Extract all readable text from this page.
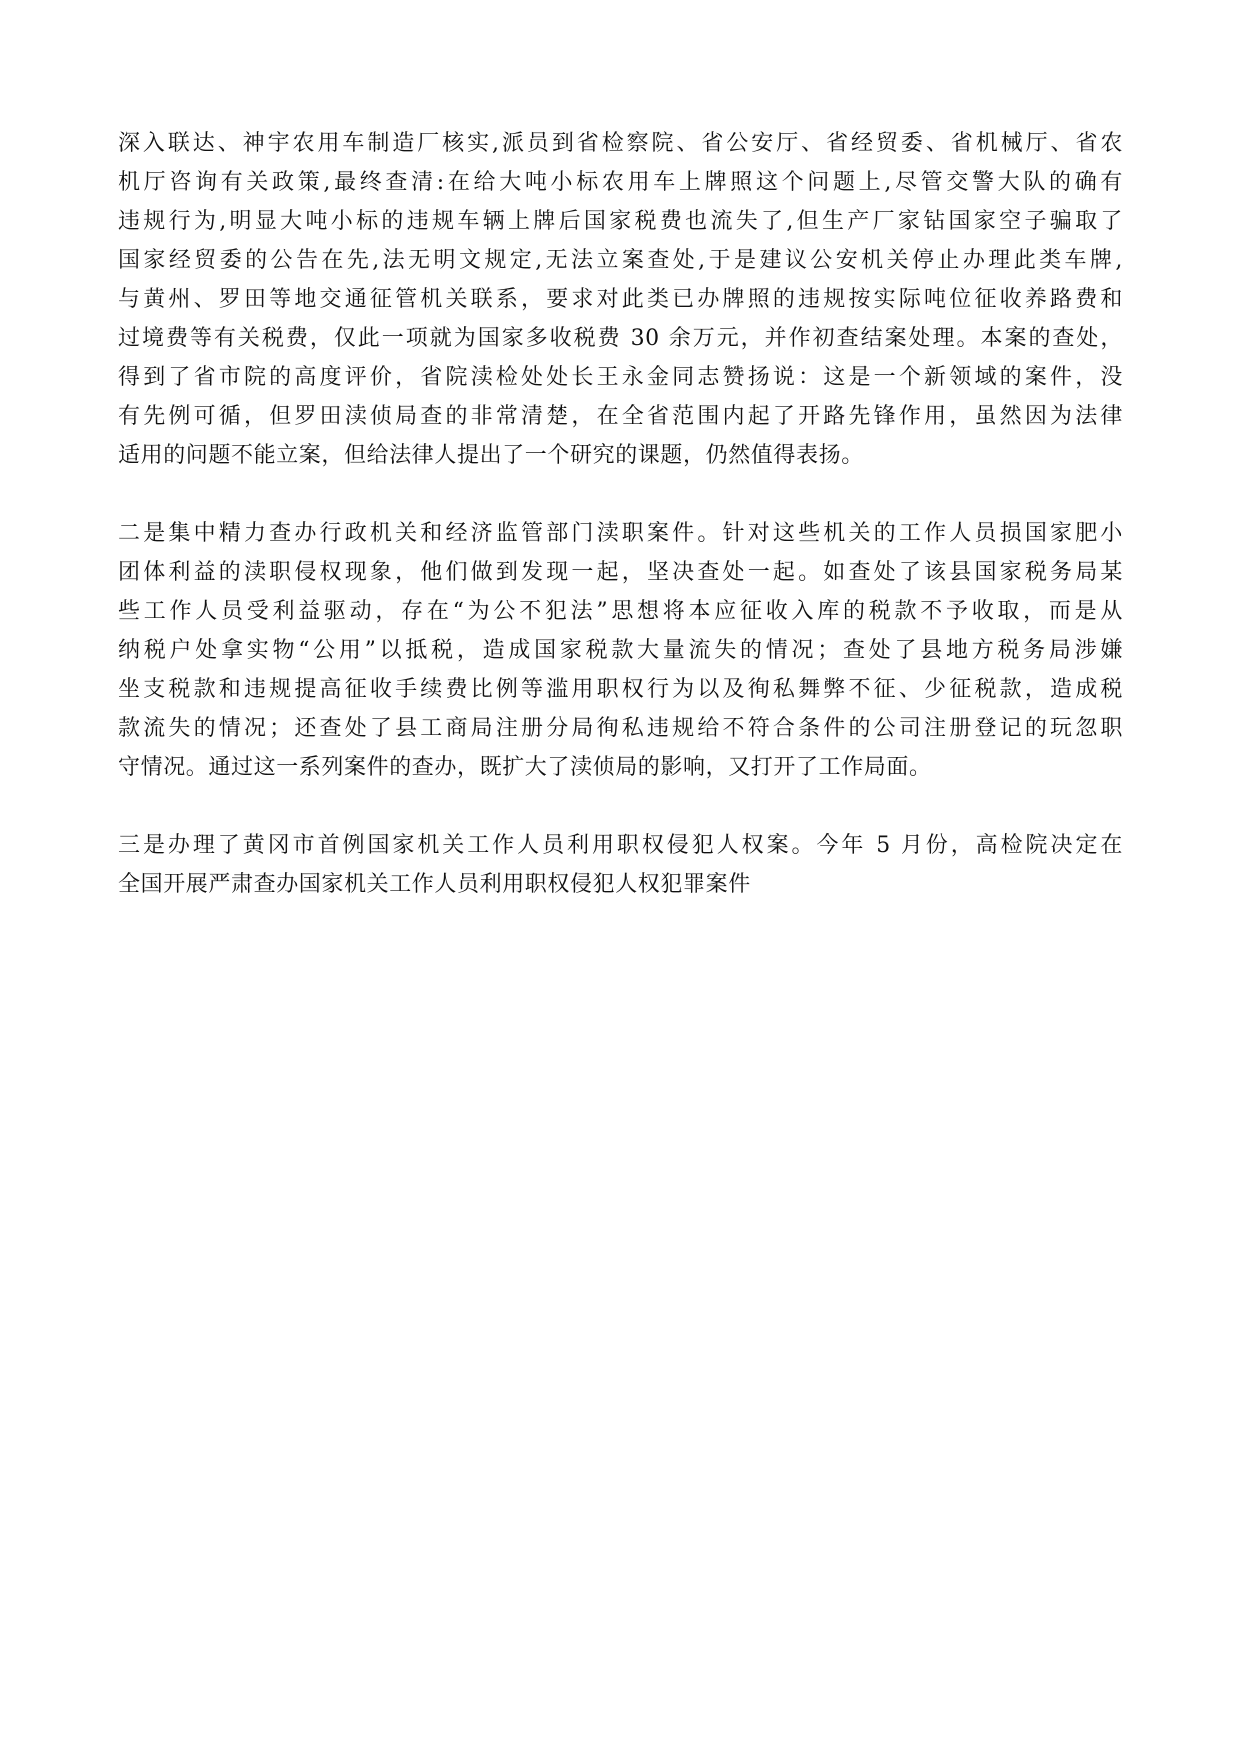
深入联达、神宇农用车制造厂核实,派员到省检察院、省公安厅、省经贸委、省机械厅、省农
机厅咨询有关政策,最终查清:在给大吨小标农用车上牌照这个问题上,尽管交警大队的确有
违规行为,明显大吨小标的违规车辆上牌后国家税费也流失了,但生产厂家钻国家空子骗取了
国家经贸委的公告在先,法无明文规定,无法立案查处,于是建议公安机关停止办理此类车牌,
与黄州、罗田等地交通征管机关联系，要求对此类已办牌照的违规按实际吨位征收养路费和
过境费等有关税费，仅此一项就为国家多收税费 30 余万元，并作初查结案处理。本案的查处，
得到了省市院的高度评价，省院渎检处处长王永金同志赞扬说：这是一个新领域的案件，没
有先例可循，但罗田渎侦局查的非常清楚，在全省范围内起了开路先锋作用，虽然因为法律
适用的问题不能立案，但给法律人提出了一个研究的课题，仍然值得表扬。
二是集中精力查办行政机关和经济监管部门渎职案件。针对这些机关的工作人员损国家肥小
团体利益的渎职侵权现象，他们做到发现一起，坚决查处一起。如查处了该县国家税务局某
些工作人员受利益驱动，存在“为公不犯法”思想将本应征收入库的税款不予收取，而是从
纳税户处拿实物“公用”以抵税，造成国家税款大量流失的情况；查处了县地方税务局涉嫌
坐支税款和违规提高征收手续费比例等滥用职权行为以及徇私舞弊不征、少征税款，造成税
款流失的情况；还查处了县工商局注册分局徇私违规给不符合条件的公司注册登记的玩忽职
守情况。通过这一系列案件的查办，既扩大了渎侦局的影响，又打开了工作局面。
三是办理了黄冈市首例国家机关工作人员利用职权侵犯人权案。今年 5 月份，高检院决定在
全国开展严肃查办国家机关工作人员利用职权侵犯人权犯罪案件
